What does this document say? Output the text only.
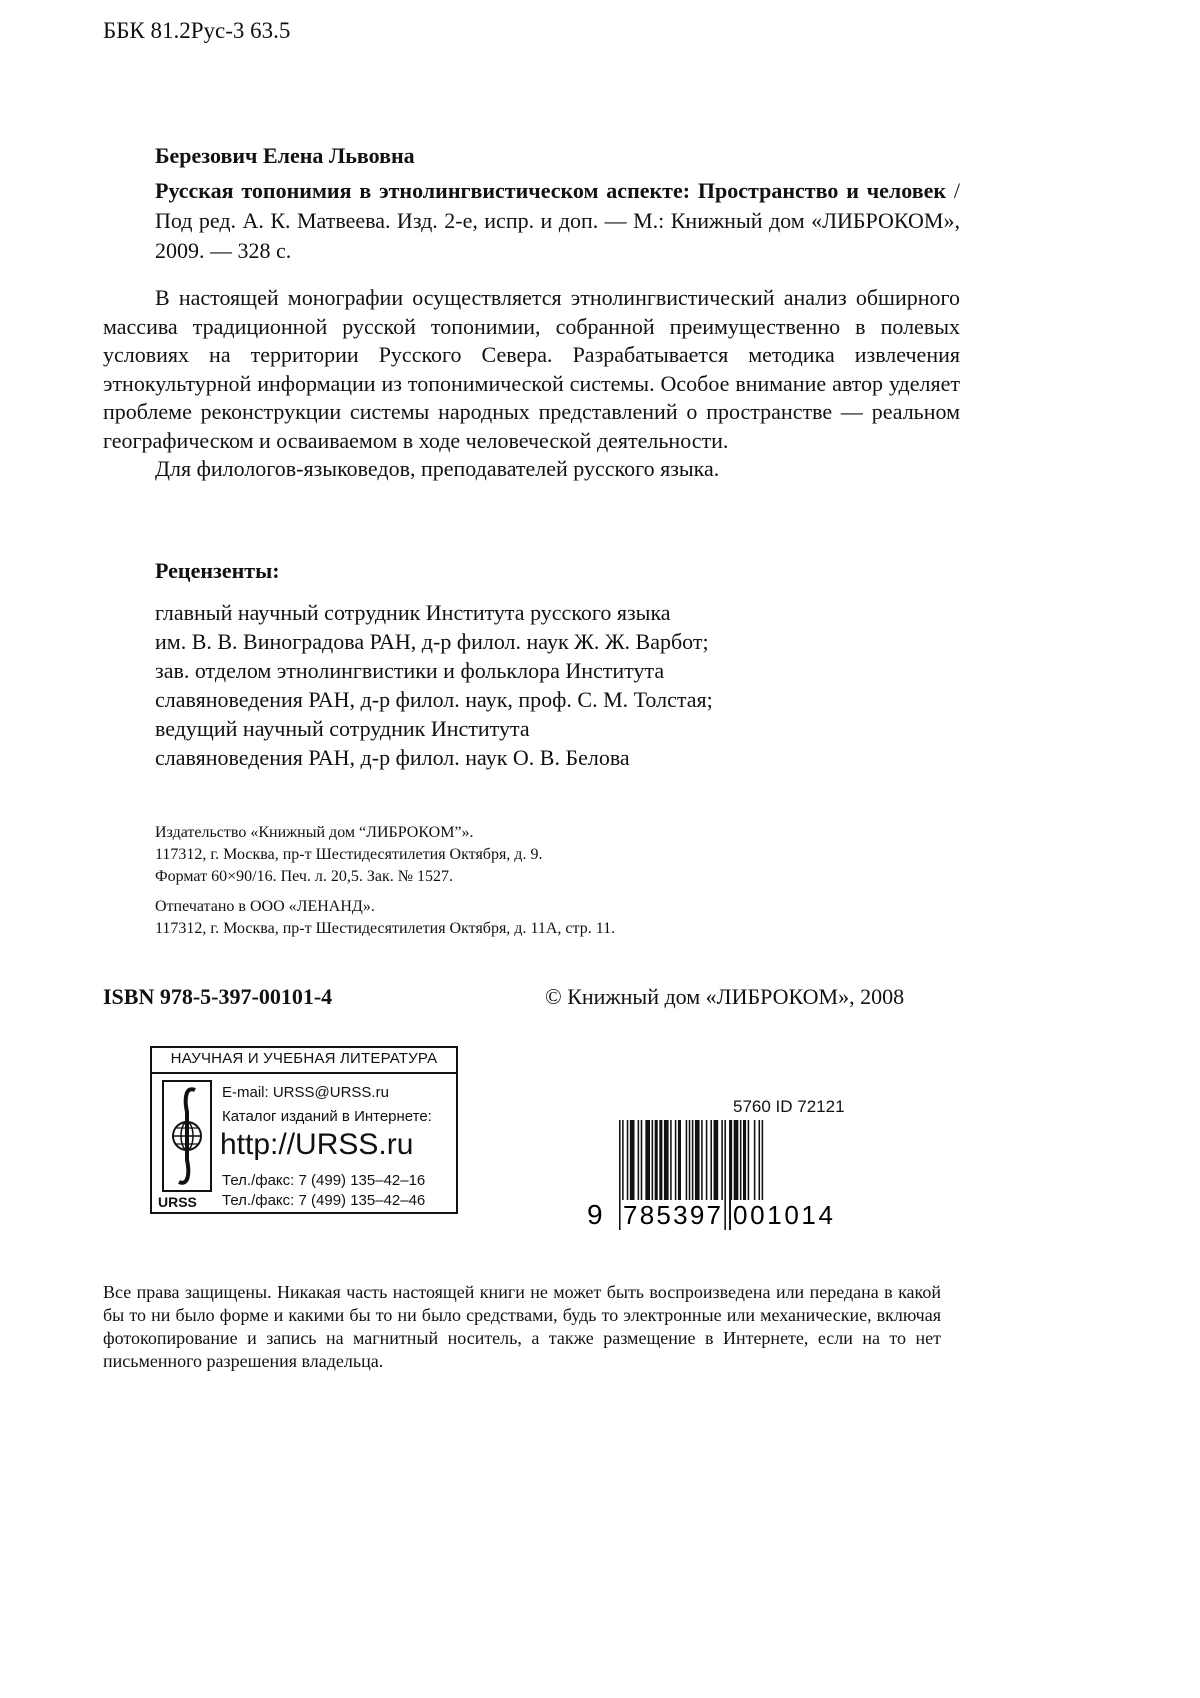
ББК 81.2Рус-3 63.5
Березович Елена Львовна
Русская топонимия в этнолингвистическом аспекте: Пространство и человек / Под ред. А. К. Матвеева. Изд. 2-е, испр. и доп. — М.: Книжный дом «ЛИБРОКОМ», 2009. — 328 с.

В настоящей монографии осуществляется этнолингвистический анализ обширного массива традиционной русской топонимии, собранной преимущественно в полевых условиях на территории Русского Севера. Разрабатывается методика извлечения этнокультурной информации из топонимической системы. Особое внимание автор уделяет проблеме реконструкции системы народных представлений о пространстве — реальном географическом и осваиваемом в ходе человеческой деятельности.

Для филологов-языковедов, преподавателей русского языка.

Рецензенты:
главный научный сотрудник Института русского языка
им. В. В. Виноградова РАН, д-р филол. наук Ж. Ж. Варбот;
зав. отделом этнолингвистики и фольклора Института
славяноведения РАН, д-р филол. наук, проф. С. М. Толстая;
ведущий научный сотрудник Института
славяноведения РАН, д-р филол. наук О. В. Белова
Издательство «Книжный дом “ЛИБРОКОМ”».
117312, г. Москва, пр-т Шестидесятилетия Октября, д. 9.
Формат 60×90/16. Печ. л. 20,5. Зак. № 1527.
Отпечатано в ООО «ЛЕНАНД».
117312, г. Москва, пр-т Шестидесятилетия Октября, д. 11А, стр. 11.
ISBN 978-5-397-00101-4	© Книжный дом «ЛИБРОКОМ», 2008
НАУЧНАЯ И УЧЕБНАЯ ЛИТЕРАТУРА
URSS
E-mail: URSS@URSS.ru
Каталог изданий в Интернете:
http://URSS.ru
Тел./факс: 7 (499) 135–42–16
Тел./факс: 7 (499) 135–42–46
5760 ID 72121
9 785397 001014
Все права защищены. Никакая часть настоящей книги не может быть воспроизведена или передана в какой бы то ни было форме и какими бы то ни было средствами, будь то электронные или механические, включая фотокопирование и запись на магнитный носитель, а также размещение в Интернете, если на то нет письменного разрешения владельца.
